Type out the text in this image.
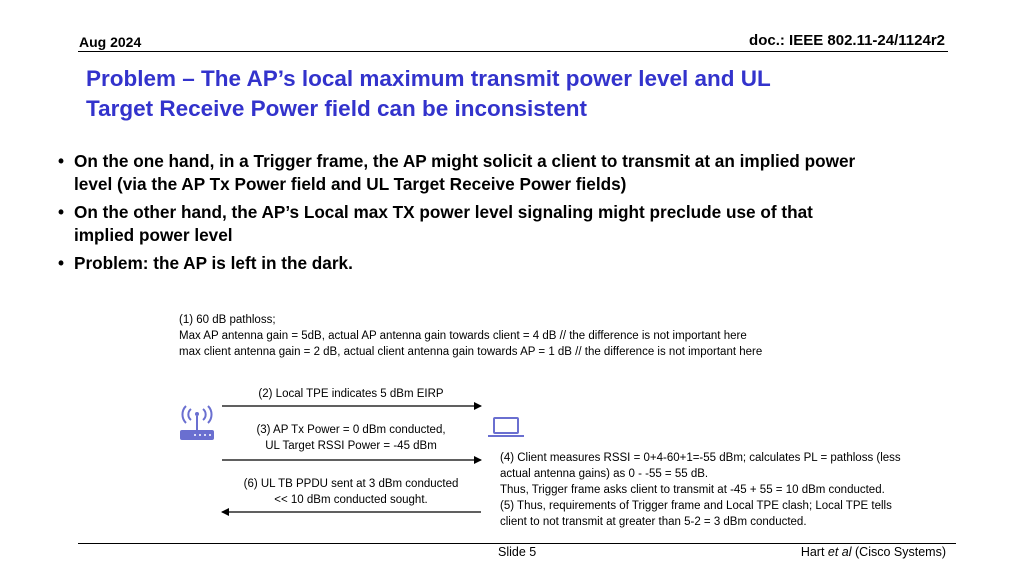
Aug 2024	doc.: IEEE 802.11-24/1124r2
Problem – The AP’s local maximum transmit power level and UL
Target Receive Power field can be inconsistent
• On the one hand, in a Trigger frame, the AP might solicit a client to transmit at an implied power
level (via the AP Tx Power field and UL Target Receive Power fields)
• On the other hand, the AP’s Local max TX power level signaling might preclude use of that
implied power level
• Problem: the AP is left in the dark.
(1) 60 dB pathloss;
Max AP antenna gain = 5dB, actual AP antenna gain towards client = 4 dB // the difference is not important here
max client antenna gain = 2 dB, actual client antenna gain towards AP = 1 dB // the difference is not important here
(2) Local TPE indicates 5 dBm EIRP
(3) AP Tx Power = 0 dBm conducted,
UL Target RSSI Power = -45 dBm
(6) UL TB PPDU sent at 3 dBm conducted
<< 10 dBm conducted sought.
(4) Client measures RSSI = 0+4-60+1=-55 dBm; calculates PL = pathloss (less
actual antenna gains) as 0 - -55 = 55 dB.
Thus, Trigger frame asks client to transmit at -45 + 55 = 10 dBm conducted.
(5) Thus, requirements of Trigger frame and Local TPE clash; Local TPE tells
client to not transmit at greater than 5-2 = 3 dBm conducted.
Slide 5	Hart et al (Cisco Systems)
